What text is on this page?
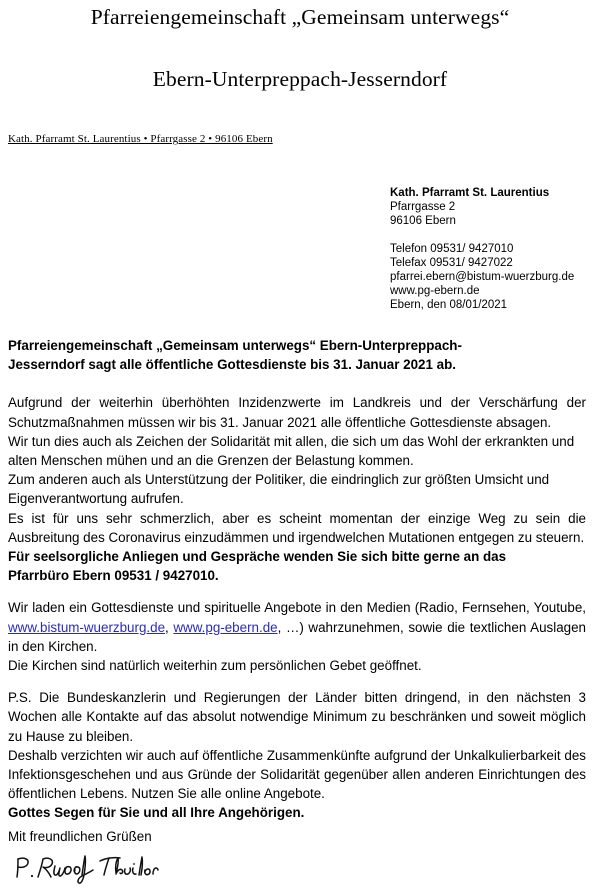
Pfarreiengemeinschaft „Gemeinsam unterwegs“
Ebern-Unterpreppach-Jesserndorf
Kath. Pfarramt St. Laurentius • Pfarrgasse 2 • 96106 Ebern
Kath. Pfarramt St. Laurentius
Pfarrgasse 2
96106 Ebern
Telefon 09531/ 9427010
Telefax 09531/ 9427022
pfarrei.ebern@bistum-wuerzburg.de
www.pg-ebern.de
Ebern, den 08/01/2021

Pfarreiengemeinschaft „Gemeinsam unterwegs“ Ebern-Unterpreppach-

Jesserndorf sagt alle öffentliche Gottesdienste bis 31. Januar 2021 ab.

Aufgrund der weiterhin überhöhten Inzidenzwerte im Landkreis und der Verschärfung der Schutzmaßnahmen müssen wir bis 31. Januar 2021 alle öffentliche Gottesdienste absagen.

Wir tun dies auch als Zeichen der Solidarität mit allen, die sich um das Wohl der erkrankten und alten Menschen mühen und an die Grenzen der Belastung kommen.

Zum anderen auch als Unterstützung der Politiker, die eindringlich zur größten Umsicht und Eigenverantwortung aufrufen.

Es ist für uns sehr schmerzlich, aber es scheint momentan der einzige Weg zu sein die Ausbreitung des Coronavirus einzudämmen und irgendwelchen Mutationen entgegen zu steuern.

Für seelsorgliche Anliegen und Gespräche wenden Sie sich bitte gerne an das

Pfarrbüro Ebern 09531 / 9427010.

Wir laden ein Gottesdienste und spirituelle Angebote in den Medien (Radio, Fernsehen, Youtube, www.bistum-wuerzburg.de, www.pg-ebern.de, …) wahrzunehmen, sowie die textlichen Auslagen in den Kirchen.

Die Kirchen sind natürlich weiterhin zum persönlichen Gebet geöffnet.

P.S. Die Bundeskanzlerin und Regierungen der Länder bitten dringend, in den nächsten 3 Wochen alle Kontakte auf das absolut notwendige Minimum zu beschränken und soweit möglich zu Hause zu bleiben.

Deshalb verzichten wir auch auf öffentliche Zusammenkünfte aufgrund der Unkalkulierbarkeit des Infektionsgeschehen und aus Gründe der Solidarität gegenüber allen anderen Einrichtungen des öffentlichen Lebens. Nutzen Sie alle online Angebote.

Gottes Segen für Sie und all Ihre Angehörigen.

Mit freundlichen Grüßen
